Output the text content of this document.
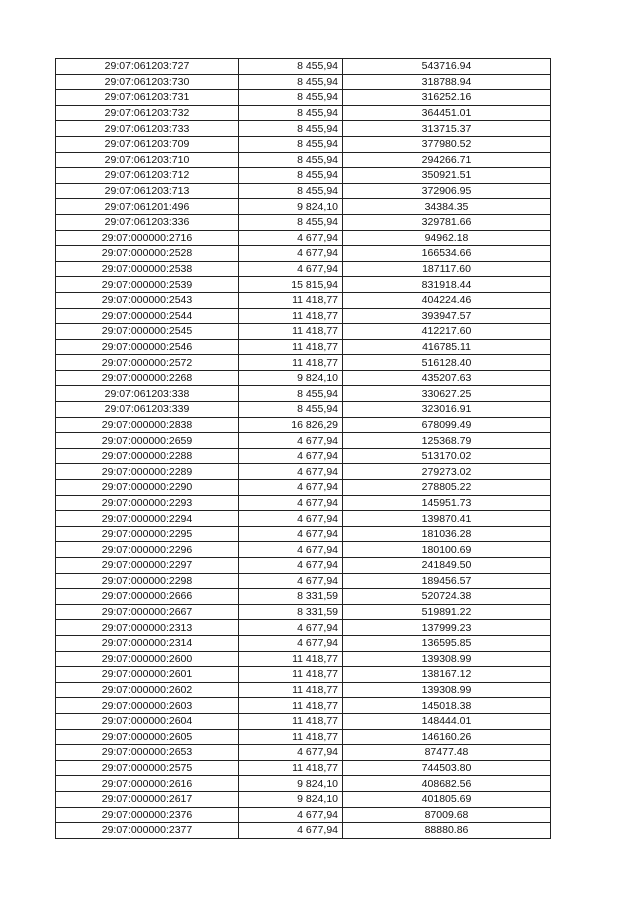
29:07:061203:727	8 455,94	543716.94
29:07:061203:730	8 455,94	318788.94
29:07:061203:731	8 455,94	316252.16
29:07:061203:732	8 455,94	364451.01
29:07:061203:733	8 455,94	313715.37
29:07:061203:709	8 455,94	377980.52
29:07:061203:710	8 455,94	294266.71
29:07:061203:712	8 455,94	350921.51
29:07:061203:713	8 455,94	372906.95
29:07:061201:496	9 824,10	34384.35
29:07:061203:336	8 455,94	329781.66
29:07:000000:2716	4 677,94	94962.18
29:07:000000:2528	4 677,94	166534.66
29:07:000000:2538	4 677,94	187117.60
29:07:000000:2539	15 815,94	831918.44
29:07:000000:2543	11 418,77	404224.46
29:07:000000:2544	11 418,77	393947.57
29:07:000000:2545	11 418,77	412217.60
29:07:000000:2546	11 418,77	416785.11
29:07:000000:2572	11 418,77	516128.40
29:07:000000:2268	9 824,10	435207.63
29:07:061203:338	8 455,94	330627.25
29:07:061203:339	8 455,94	323016.91
29:07:000000:2838	16 826,29	678099.49
29:07:000000:2659	4 677,94	125368.79
29:07:000000:2288	4 677,94	513170.02
29:07:000000:2289	4 677,94	279273.02
29:07:000000:2290	4 677,94	278805.22
29:07:000000:2293	4 677,94	145951.73
29:07:000000:2294	4 677,94	139870.41
29:07:000000:2295	4 677,94	181036.28
29:07:000000:2296	4 677,94	180100.69
29:07:000000:2297	4 677,94	241849.50
29:07:000000:2298	4 677,94	189456.57
29:07:000000:2666	8 331,59	520724.38
29:07:000000:2667	8 331,59	519891.22
29:07:000000:2313	4 677,94	137999.23
29:07:000000:2314	4 677,94	136595.85
29:07:000000:2600	11 418,77	139308.99
29:07:000000:2601	11 418,77	138167.12
29:07:000000:2602	11 418,77	139308.99
29:07:000000:2603	11 418,77	145018.38
29:07:000000:2604	11 418,77	148444.01
29:07:000000:2605	11 418,77	146160.26
29:07:000000:2653	4 677,94	87477.48
29:07:000000:2575	11 418,77	744503.80
29:07:000000:2616	9 824,10	408682.56
29:07:000000:2617	9 824,10	401805.69
29:07:000000:2376	4 677,94	87009.68
29:07:000000:2377	4 677,94	88880.86
